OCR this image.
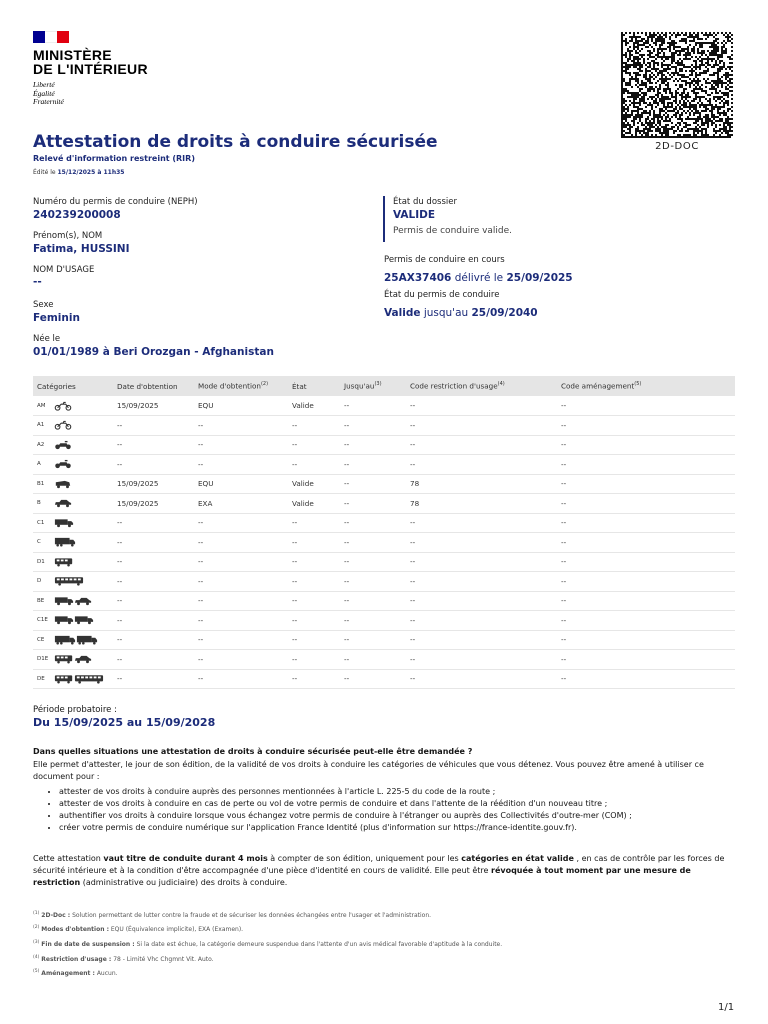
MINISTÈRE
DE L'INTÉRIEUR
Liberté
Égalité
Fraternité
2D-DOC
Attestation de droits à conduire sécurisée
Relevé d'information restreint (RIR)
Édité le 15/12/2025 à 11h35
Numéro du permis de conduire (NEPH)
240239200008
Prénom(s), NOM
Fatima, HUSSINI
NOM D'USAGE
--
Sexe
Feminin
Née le
01/01/1989 à Beri Orozgan - Afghanistan
État du dossier
VALIDE
Permis de conduire valide.
Permis de conduire en cours
25AX37406 délivré le 25/09/2025
État du permis de conduire
Valide jusqu'au 25/09/2040
Catégories	Date d'obtention	Mode d'obtention$^{(2)}$	État	$Jusqu'au^{(3)}$	Code restriction d'usage$^{(4)}$	Code aménagement$^{(5)}$
AM	15/09/2025	EQU	Valide	--	--	--
A1	--	--	--	--	--	--
A2	--	--	--	--	--	--
A	--	--	--	--	--	--
B1	15/09/2025	EQU	Valide	--	78	--
B	15/09/2025	EXA	Valide	--	78	--
C1	--	--	--	--	--	--
C	--	--	--	--	--	--
D1	--	--	--	--	--	--
D	--	--	--	--	--	--
BE	--	--	--	--	--	--
C1E	--	--	--	--	--	--
CE	--	--	--	--	--	--
D1E	--	--	--	--	--	--
DE	--	--	--	--	--	--
Période probatoire :
Du 15/09/2025 au 15/09/2028
Dans quelles situations une attestation de droits à conduire sécurisée peut-elle être demandée ?
Elle permet d'attester, le jour de son édition, de la validité de vos droits à conduire les catégories de véhicules que vous détenez. Vous pouvez être amené à utiliser ce document pour :
• attester de vos droits à conduire auprès des personnes mentionnées à l'article L. 225-5 du code de la route ;
• attester de vos droits à conduire en cas de perte ou vol de votre permis de conduire et dans l'attente de la réédition d'un nouveau titre ;
• authentifier vos droits à conduire lorsque vous échangez votre permis de conduire à l'étranger ou auprès des Collectivités d'outre-mer (COM) ;
• créer votre permis de conduire numérique sur l'application France Identité (plus d'information sur https://france-identite.gouv.fr).
Cette attestation vaut titre de conduite durant 4 mois à compter de son édition, uniquement pour les catégories en état valide , en cas de contrôle par les forces de sécurité intérieure et à la condition d'être accompagnée d'une pièce d'identité en cours de validité. Elle peut être révoquée à tout moment par une mesure de restriction (administrative ou judiciaire) des droits à conduire.
$^{(1)}$ 2D-Doc : Solution permettant de lutter contre la fraude et de sécuriser les données échangées entre l'usager et l'administration.
$^{(2)}$ Modes d'obtention : EQU (Équivalence implicite), EXA (Examen).
$^{(3)}$ Fin de date de suspension : Si la date est échue, la catégorie demeure suspendue dans l'attente d'un avis médical favorable d'aptitude à la conduite.
$^{(4)}$ Restriction d'usage : 78 - Limité Vhc Chgmnt Vit. Auto.
$^{(5)}$ Aménagement : Aucun.
1/1
